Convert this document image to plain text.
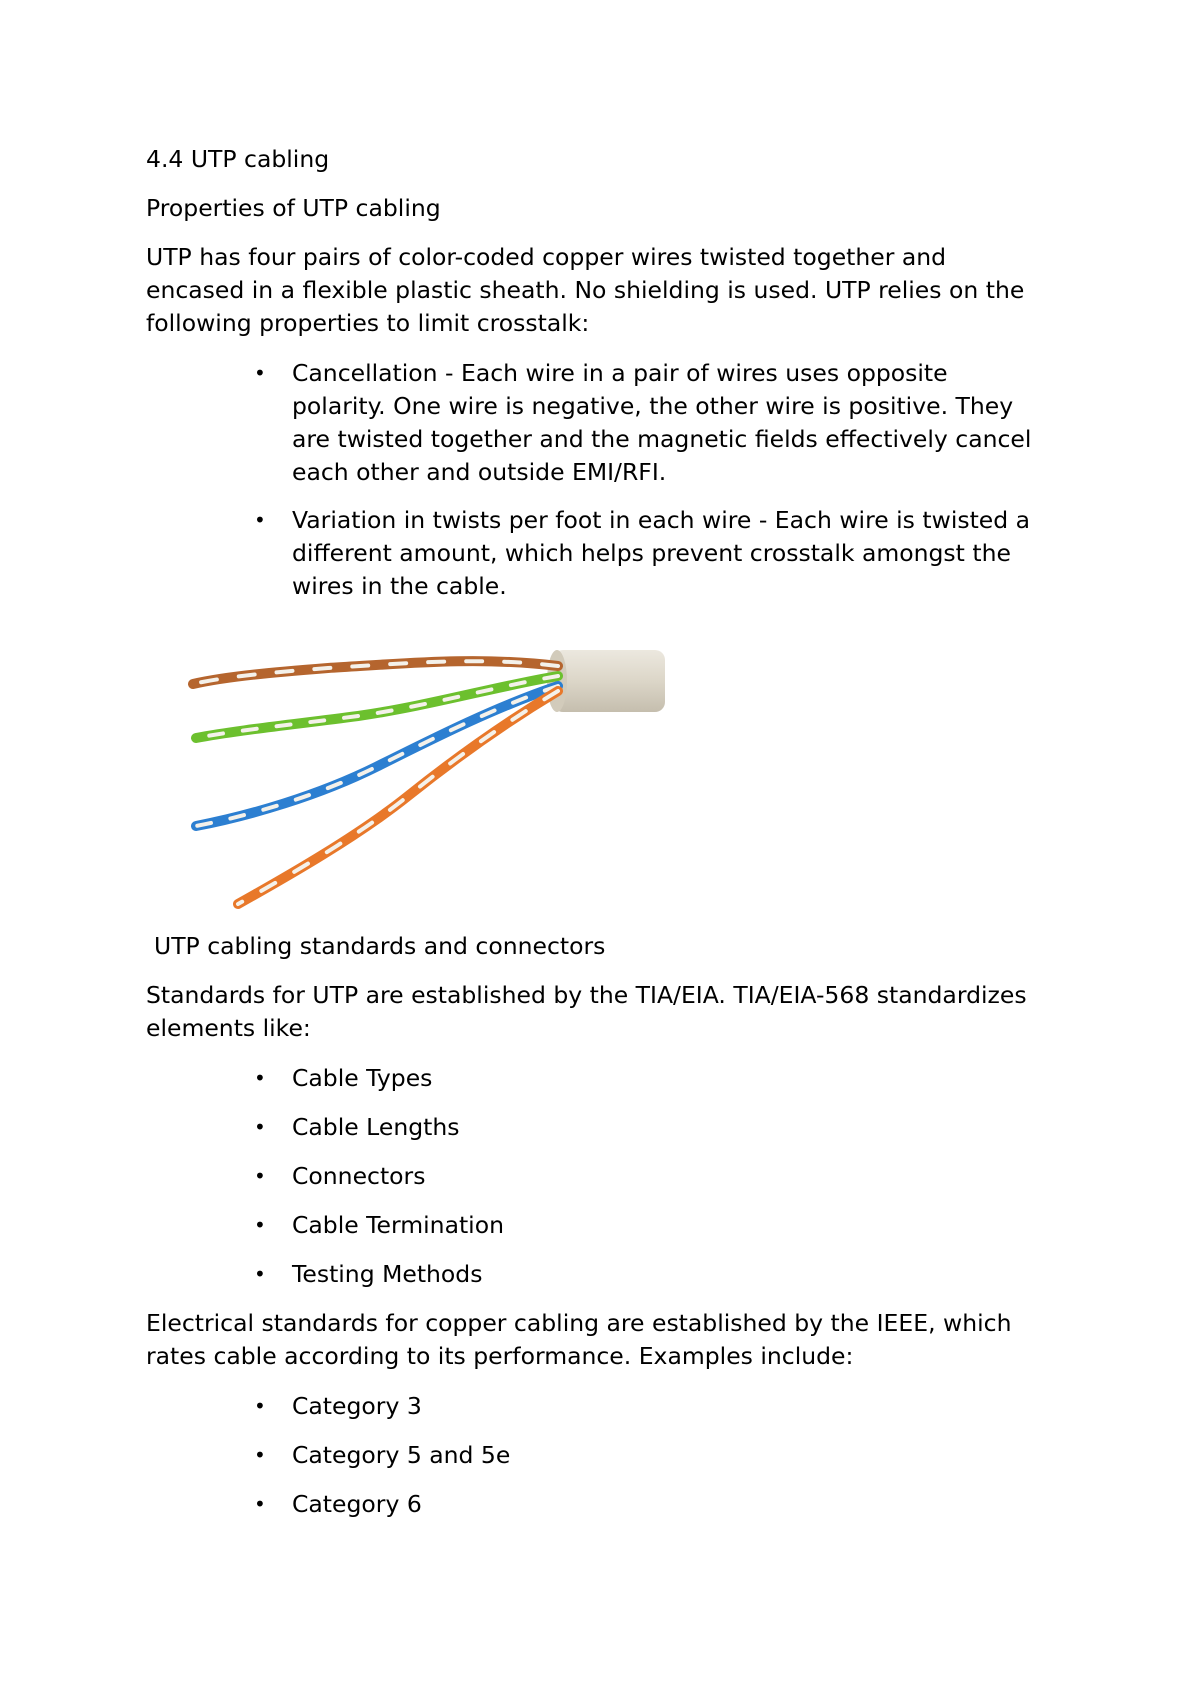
4.4 UTP cabling
Properties of UTP cabling
UTP has four pairs of color-coded copper wires twisted together and
encased in a flexible plastic sheath. No shielding is used. UTP relies on the
following properties to limit crosstalk:
• Cancellation - Each wire in a pair of wires uses opposite
polarity. One wire is negative, the other wire is positive. They
are twisted together and the magnetic fields effectively cancel
each other and outside EMI/RFI.
• Variation in twists per foot in each wire - Each wire is twisted a
different amount, which helps prevent crosstalk amongst the
wires in the cable.
UTP cabling standards and connectors
Standards for UTP are established by the TIA/EIA. TIA/EIA-568 standardizes
elements like:
• Cable Types
• Cable Lengths
• Connectors
• Cable Termination
• Testing Methods
Electrical standards for copper cabling are established by the IEEE, which
rates cable according to its performance. Examples include:
• Category 3
• Category 5 and 5e
• Category 6
